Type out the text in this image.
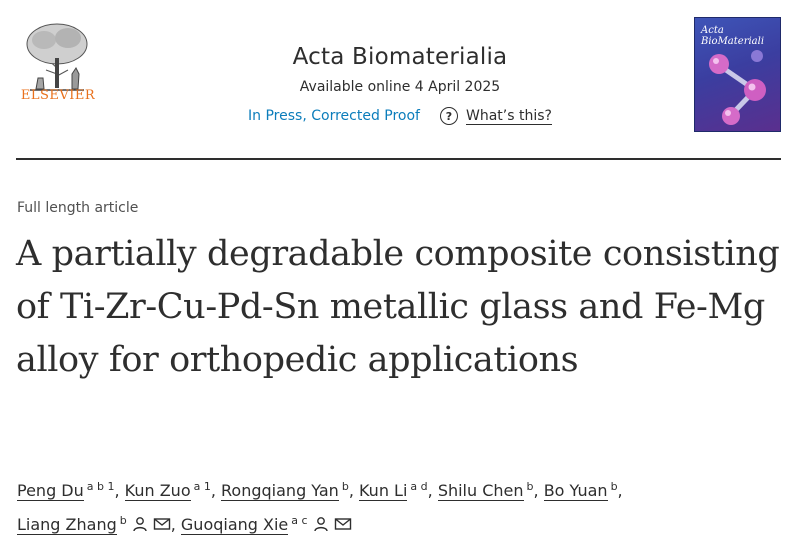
ELSEVIER
Acta Biomaterialia
Available online 4 April 2025
In Press, Corrected Proof	? What’s this?
Acta BioMateriali
Full length article
A partially degradable composite consisting of Ti-Zr-Cu-Pd-Sn metallic glass and Fe-Mg alloy for orthopedic applications
Peng Du $^{a b 1}$, Kun Zuo $^{a 1}$, Rongqiang Yan $^b$, Kun Li $^{a d}$, Shilu Chen $^b$, Bo Yuan $^b$,
Liang Zhang $^b$	, Guoqiang Xie $^{a c}$
